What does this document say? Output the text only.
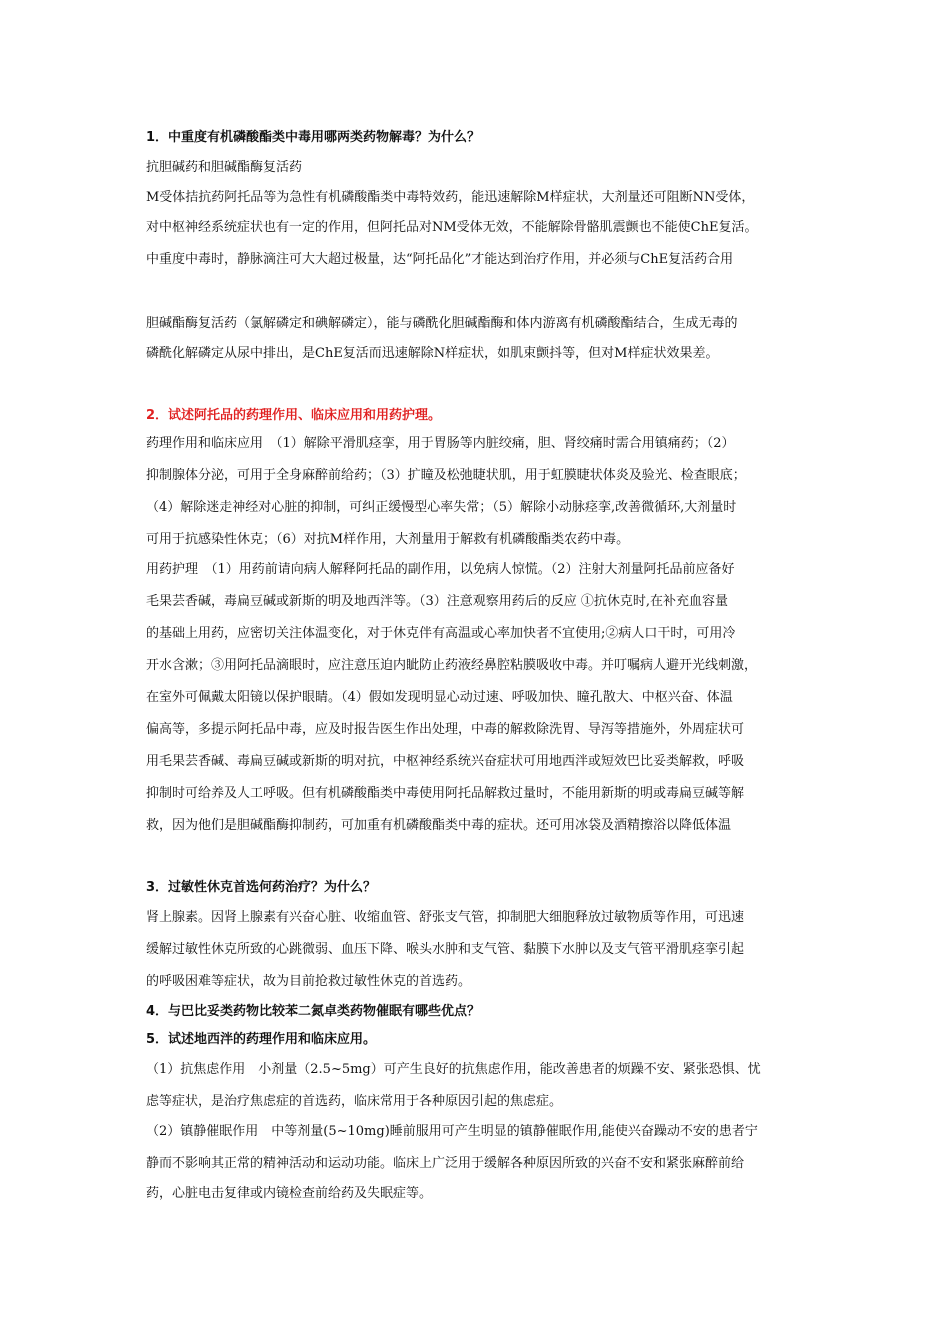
1．中重度有机磷酸酯类中毒用哪两类药物解毒？为什么？
抗胆碱药和胆碱酯酶复活药
M受体拮抗药阿托品等为急性有机磷酸酯类中毒特效药，能迅速解除M样症状，大剂量还可阻断NN受体，
对中枢神经系统症状也有一定的作用，但阿托品对NM受体无效，不能解除骨骼肌震颤也不能使ChE复活。
中重度中毒时，静脉滴注可大大超过极量，达“阿托品化”才能达到治疗作用，并必须与ChE复活药合用
胆碱酯酶复活药（氯解磷定和碘解磷定），能与磷酰化胆碱酯酶和体内游离有机磷酸酯结合，生成无毒的
磷酰化解磷定从尿中排出，是ChE复活而迅速解除N样症状，如肌束颤抖等，但对M样症状效果差。
2．试述阿托品的药理作用、临床应用和用药护理。
药理作用和临床应用　（1）解除平滑肌痉挛，用于胃肠等内脏绞痛，胆、肾绞痛时需合用镇痛药；（2）
抑制腺体分泌，可用于全身麻醉前给药；（3）扩瞳及松弛睫状肌，用于虹膜睫状体炎及验光、检查眼底；
（4）解除迷走神经对心脏的抑制，可纠正缓慢型心率失常；（5）解除小动脉痉挛,改善微循环,大剂量时
可用于抗感染性休克；（6）对抗M样作用，大剂量用于解救有机磷酸酯类农药中毒。
用药护理　（1）用药前请向病人解释阿托品的副作用，以免病人惊慌。（2）注射大剂量阿托品前应备好
毛果芸香碱，毒扁豆碱或新斯的明及地西泮等。（3）注意观察用药后的反应 ①抗休克时,在补充血容量
的基础上用药，应密切关注体温变化，对于休克伴有高温或心率加快者不宜使用;②病人口干时，可用冷
开水含漱；③用阿托品滴眼时，应注意压迫内眦防止药液经鼻腔粘膜吸收中毒。并叮嘱病人避开光线刺激，
在室外可佩戴太阳镜以保护眼睛。（4）假如发现明显心动过速、呼吸加快、瞳孔散大、中枢兴奋、体温
偏高等，多提示阿托品中毒，应及时报告医生作出处理，中毒的解救除洗胃、导泻等措施外，外周症状可
用毛果芸香碱、毒扁豆碱或新斯的明对抗，中枢神经系统兴奋症状可用地西泮或短效巴比妥类解救，呼吸
抑制时可给养及人工呼吸。但有机磷酸酯类中毒使用阿托品解救过量时，不能用新斯的明或毒扁豆碱等解
救，因为他们是胆碱酯酶抑制药，可加重有机磷酸酯类中毒的症状。还可用冰袋及酒精擦浴以降低体温
3．过敏性休克首选何药治疗？为什么？
肾上腺素。因肾上腺素有兴奋心脏、收缩血管、舒张支气管，抑制肥大细胞释放过敏物质等作用，可迅速
缓解过敏性休克所致的心跳微弱、血压下降、喉头水肿和支气管、黏膜下水肿以及支气管平滑肌痉挛引起
的呼吸困难等症状，故为目前抢救过敏性休克的首选药。
4．与巴比妥类药物比较苯二氮卓类药物催眠有哪些优点？
5．试述地西泮的药理作用和临床应用。
（1）抗焦虑作用　小剂量（2.5~5mg）可产生良好的抗焦虑作用，能改善患者的烦躁不安、紧张恐惧、忧
虑等症状，是治疗焦虑症的首选药，临床常用于各种原因引起的焦虑症。
（2）镇静催眠作用　中等剂量(5~10mg)睡前服用可产生明显的镇静催眠作用,能使兴奋躁动不安的患者宁
静而不影响其正常的精神活动和运动功能。临床上广泛用于缓解各种原因所致的兴奋不安和紧张麻醉前给
药，心脏电击复律或内镜检查前给药及失眠症等。
